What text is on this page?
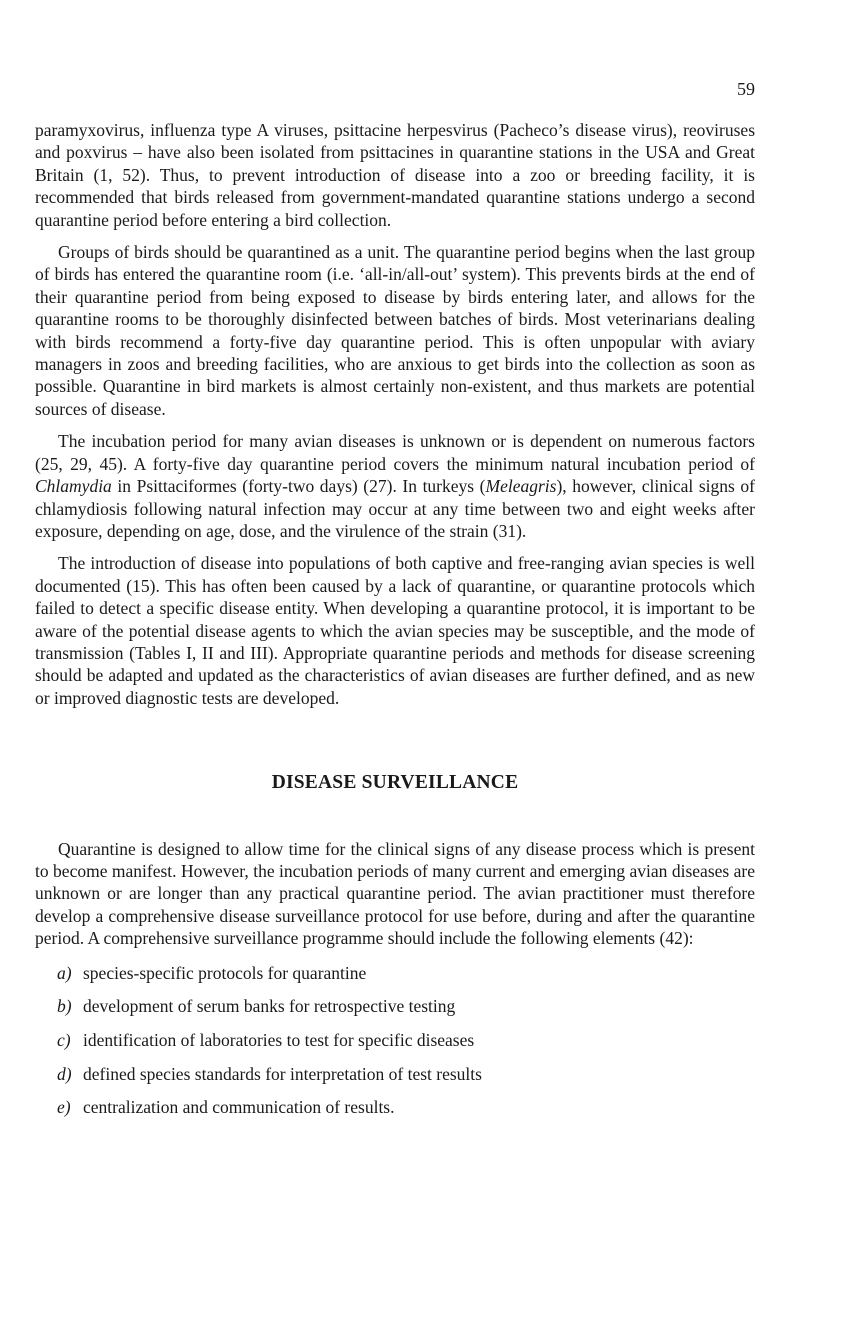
59

paramyxovirus, influenza type A viruses, psittacine herpesvirus (Pacheco’s disease virus), reoviruses and poxvirus – have also been isolated from psittacines in quarantine stations in the USA and Great Britain (1, 52). Thus, to prevent introduction of disease into a zoo or breeding facility, it is recommended that birds released from government-mandated quarantine stations undergo a second quarantine period before entering a bird collection.

Groups of birds should be quarantined as a unit. The quarantine period begins when the last group of birds has entered the quarantine room (i.e. ‘all-in/all-out’ system). This prevents birds at the end of their quarantine period from being exposed to disease by birds entering later, and allows for the quarantine rooms to be thoroughly disinfected between batches of birds. Most veterinarians dealing with birds recommend a forty-five day quarantine period. This is often unpopular with aviary managers in zoos and breeding facilities, who are anxious to get birds into the collection as soon as possible. Quarantine in bird markets is almost certainly non-existent, and thus markets are potential sources of disease.

The incubation period for many avian diseases is unknown or is dependent on numerous factors (25, 29, 45). A forty-five day quarantine period covers the minimum natural incubation period of Chlamydia in Psittaciformes (forty-two days) (27). In turkeys (Meleagris), however, clinical signs of chlamydiosis following natural infection may occur at any time between two and eight weeks after exposure, depending on age, dose, and the virulence of the strain (31).

The introduction of disease into populations of both captive and free-ranging avian species is well documented (15). This has often been caused by a lack of quarantine, or quarantine protocols which failed to detect a specific disease entity. When developing a quarantine protocol, it is important to be aware of the potential disease agents to which the avian species may be susceptible, and the mode of transmission (Tables I, II and III). Appropriate quarantine periods and methods for disease screening should be adapted and updated as the characteristics of avian diseases are further defined, and as new or improved diagnostic tests are developed.

DISEASE SURVEILLANCE

Quarantine is designed to allow time for the clinical signs of any disease process which is present to become manifest. However, the incubation periods of many current and emerging avian diseases are unknown or are longer than any practical quarantine period. The avian practitioner must therefore develop a comprehensive disease surveillance protocol for use before, during and after the quarantine period. A comprehensive surveillance programme should include the following elements (42):

a) species-specific protocols for quarantine
b) development of serum banks for retrospective testing
c) identification of laboratories to test for specific diseases
d) defined species standards for interpretation of test results
e) centralization and communication of results.
